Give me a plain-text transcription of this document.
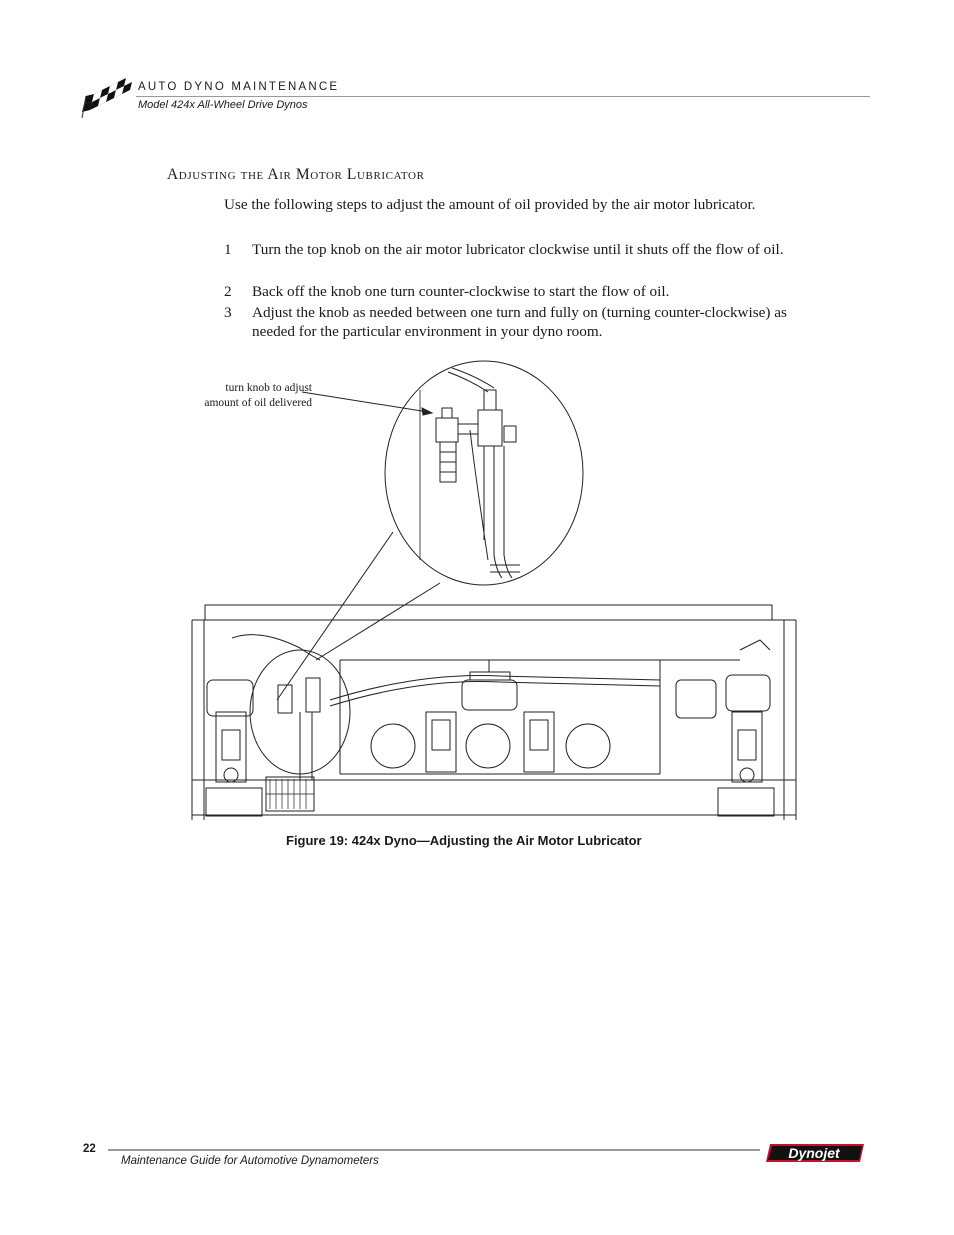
AUTO DYNO MAINTENANCE
Model 424x All-Wheel Drive Dynos
Adjusting the Air Motor Lubricator
Use the following steps to adjust the amount of oil provided by the air motor lubricator.
1	Turn the top knob on the air motor lubricator clockwise until it shuts off the flow of oil.
2	Back off the knob one turn counter-clockwise to start the flow of oil.
3	Adjust the knob as needed between one turn and fully on (turning counter-clockwise) as needed for the particular environment in your dyno room.
turn knob to adjust
amount of oil delivered
Figure 19: 424x Dyno—Adjusting the Air Motor Lubricator
22
Maintenance Guide for Automotive Dynamometers	Dynojet
